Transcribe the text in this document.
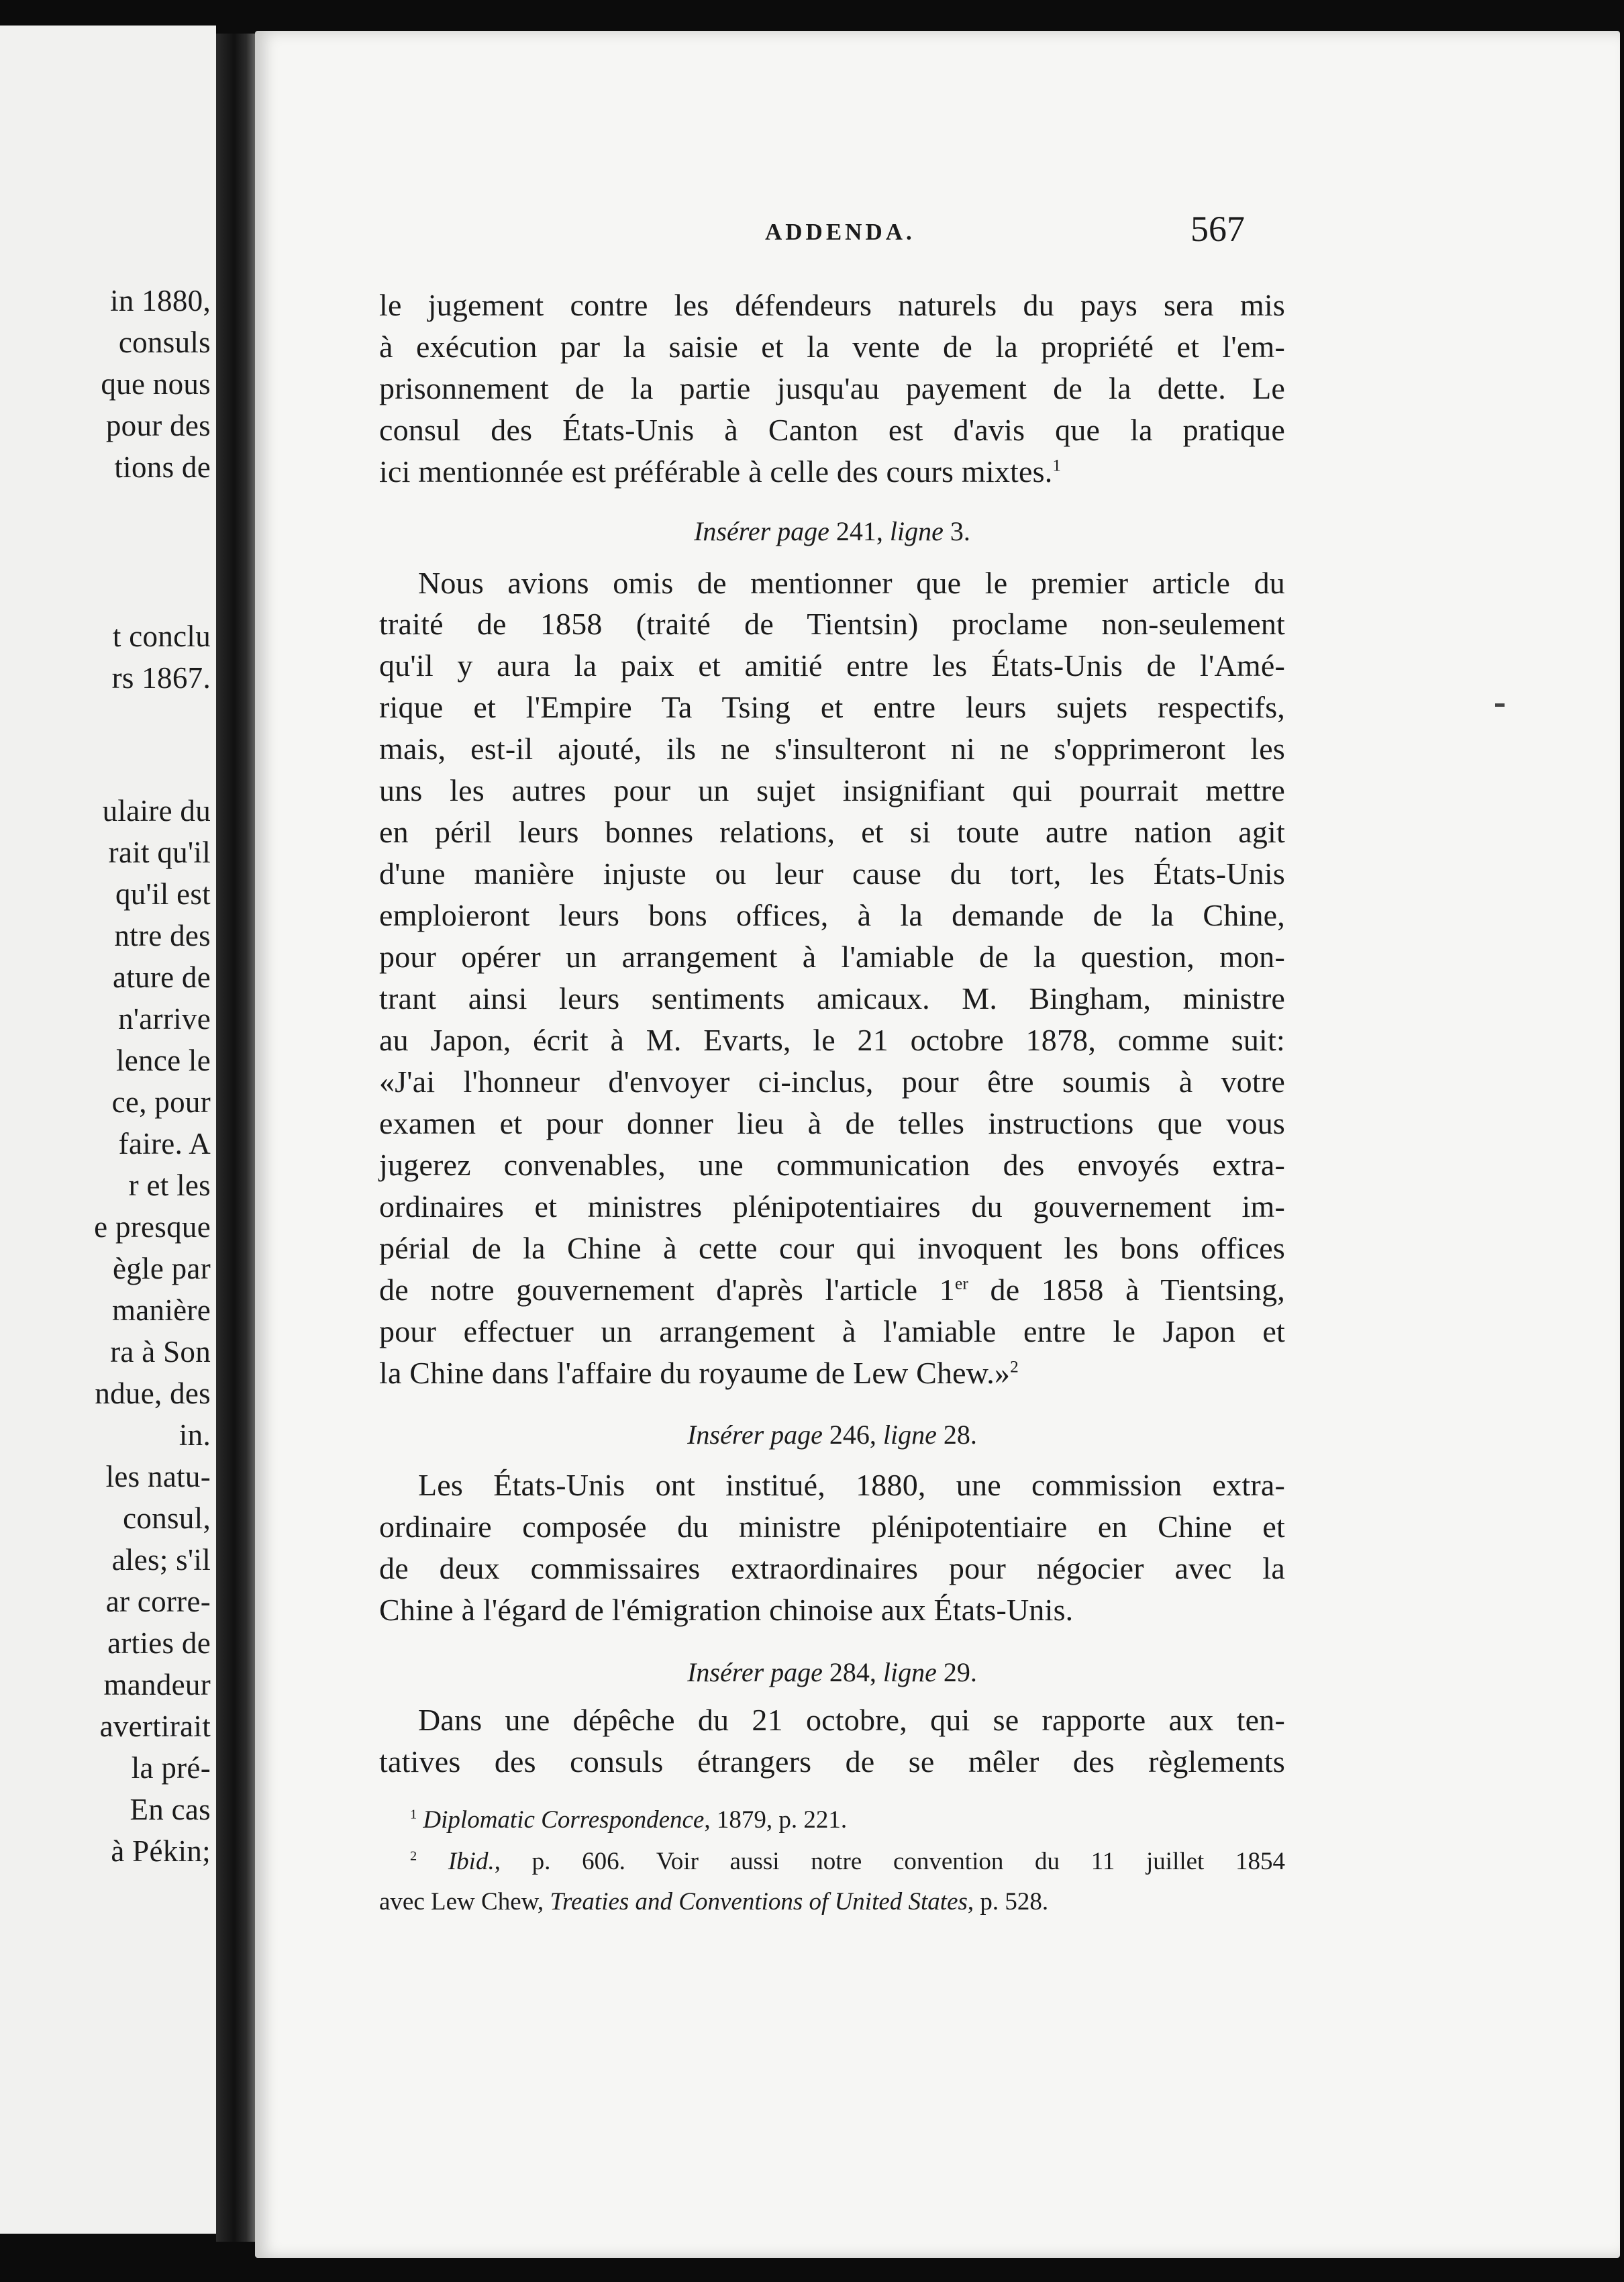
in 1880,
consuls
que nous
pour des
tions de
t conclu
rs 1867.
ulaire du
rait qu'il
qu'il est
ntre des
ature de
n'arrive
lence le
ce, pour
faire. A
r et les
e presque
ègle par
manière
ra à Son
ndue, des
in.
les natu-
consul,
ales; s'il
ar corre-
arties de
mandeur
avertirait
la pré-
En cas
à Pékin;
ADDENDA.	567
le jugement contre les défendeurs naturels du pays sera mis
à exécution par la saisie et la vente de la propriété et l'em-
prisonnement de la partie jusqu'au payement de la dette. Le
consul des États-Unis à Canton est d'avis que la pratique
ici mentionnée est préférable à celle des cours mixtes.$^1$
Insérer page 241, ligne 3.
Nous avions omis de mentionner que le premier article du
traité de 1858 (traité de Tientsin) proclame non-seulement
qu'il y aura la paix et amitié entre les États-Unis de l'Amé-
rique et l'Empire Ta Tsing et entre leurs sujets respectifs,
mais, est-il ajouté, ils ne s'insulteront ni ne s'opprimeront les
uns les autres pour un sujet insignifiant qui pourrait mettre
en péril leurs bonnes relations, et si toute autre nation agit
d'une manière injuste ou leur cause du tort, les États-Unis
emploieront leurs bons offices, à la demande de la Chine,
pour opérer un arrangement à l'amiable de la question, mon-
trant ainsi leurs sentiments amicaux. M. Bingham, ministre
au Japon, écrit à M. Evarts, le 21 octobre 1878, comme suit:
«J'ai l'honneur d'envoyer ci-inclus, pour être soumis à votre
examen et pour donner lieu à de telles instructions que vous
jugerez convenables, une communication des envoyés extra-
ordinaires et ministres plénipotentiaires du gouvernement im-
périal de la Chine à cette cour qui invoquent les bons offices
de notre gouvernement d'après l'article 1er de 1858 à Tientsing,
pour effectuer un arrangement à l'amiable entre le Japon et
la Chine dans l'affaire du royaume de Lew Chew.»$^2$
Insérer page 246, ligne 28.
Les États-Unis ont institué, 1880, une commission extra-
ordinaire composée du ministre plénipotentiaire en Chine et
de deux commissaires extraordinaires pour négocier avec la
Chine à l'égard de l'émigration chinoise aux États-Unis.
Insérer page 284, ligne 29.
Dans une dépêche du 21 octobre, qui se rapporte aux ten-
tatives des consuls étrangers de se mêler des règlements
$^1$ Diplomatic Correspondence, 1879, p. 221.
$^2$ Ibid., p. 606. Voir aussi notre convention du 11 juillet 1854
avec Lew Chew, Treaties and Conventions of United States, p. 528.
